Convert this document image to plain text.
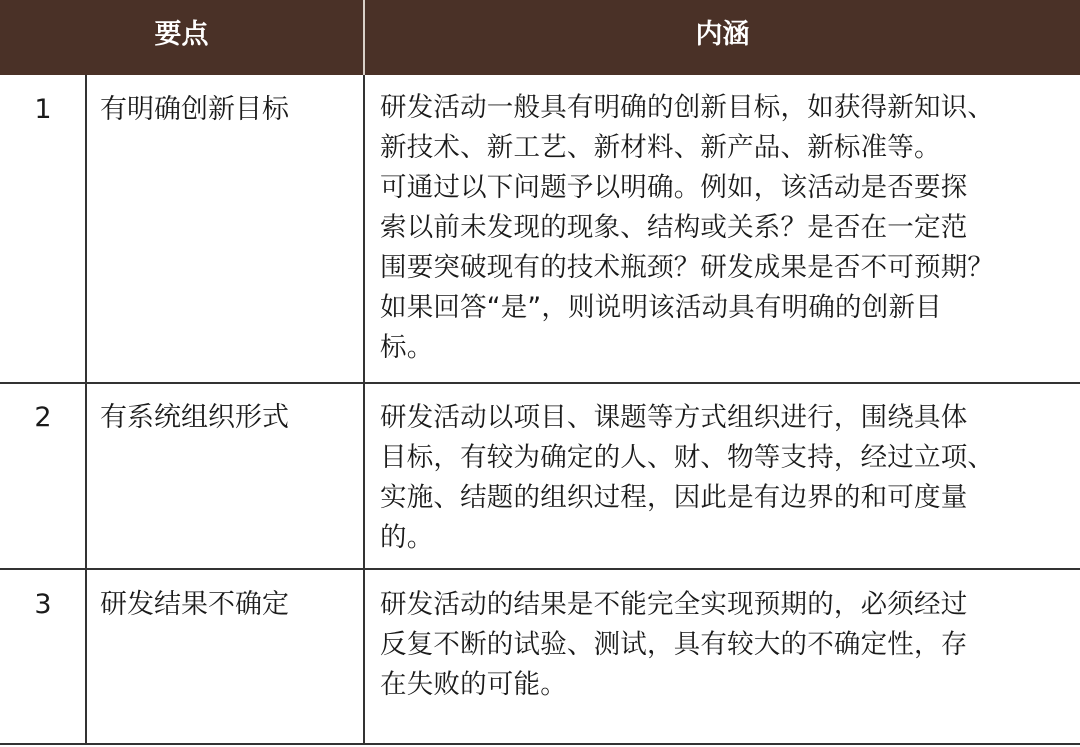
要点	内涵
1	有明确创新目标	研发活动一般具有明确的创新目标，如获得新知识、
新技术、新工艺、新材料、新产品、新标准等。
可通过以下问题予以明确。例如，该活动是否要探
索以前未发现的现象、结构或关系？是否在一定范
围要突破现有的技术瓶颈？研发成果是否不可预期？
如果回答“是”，则说明该活动具有明确的创新目
标。
2	有系统组织形式	研发活动以项目、课题等方式组织进行，围绕具体
目标，有较为确定的人、财、物等支持，经过立项、
实施、结题的组织过程，因此是有边界的和可度量
的。
3	研发结果不确定	研发活动的结果是不能完全实现预期的，必须经过
反复不断的试验、测试，具有较大的不确定性，存
在失败的可能。
